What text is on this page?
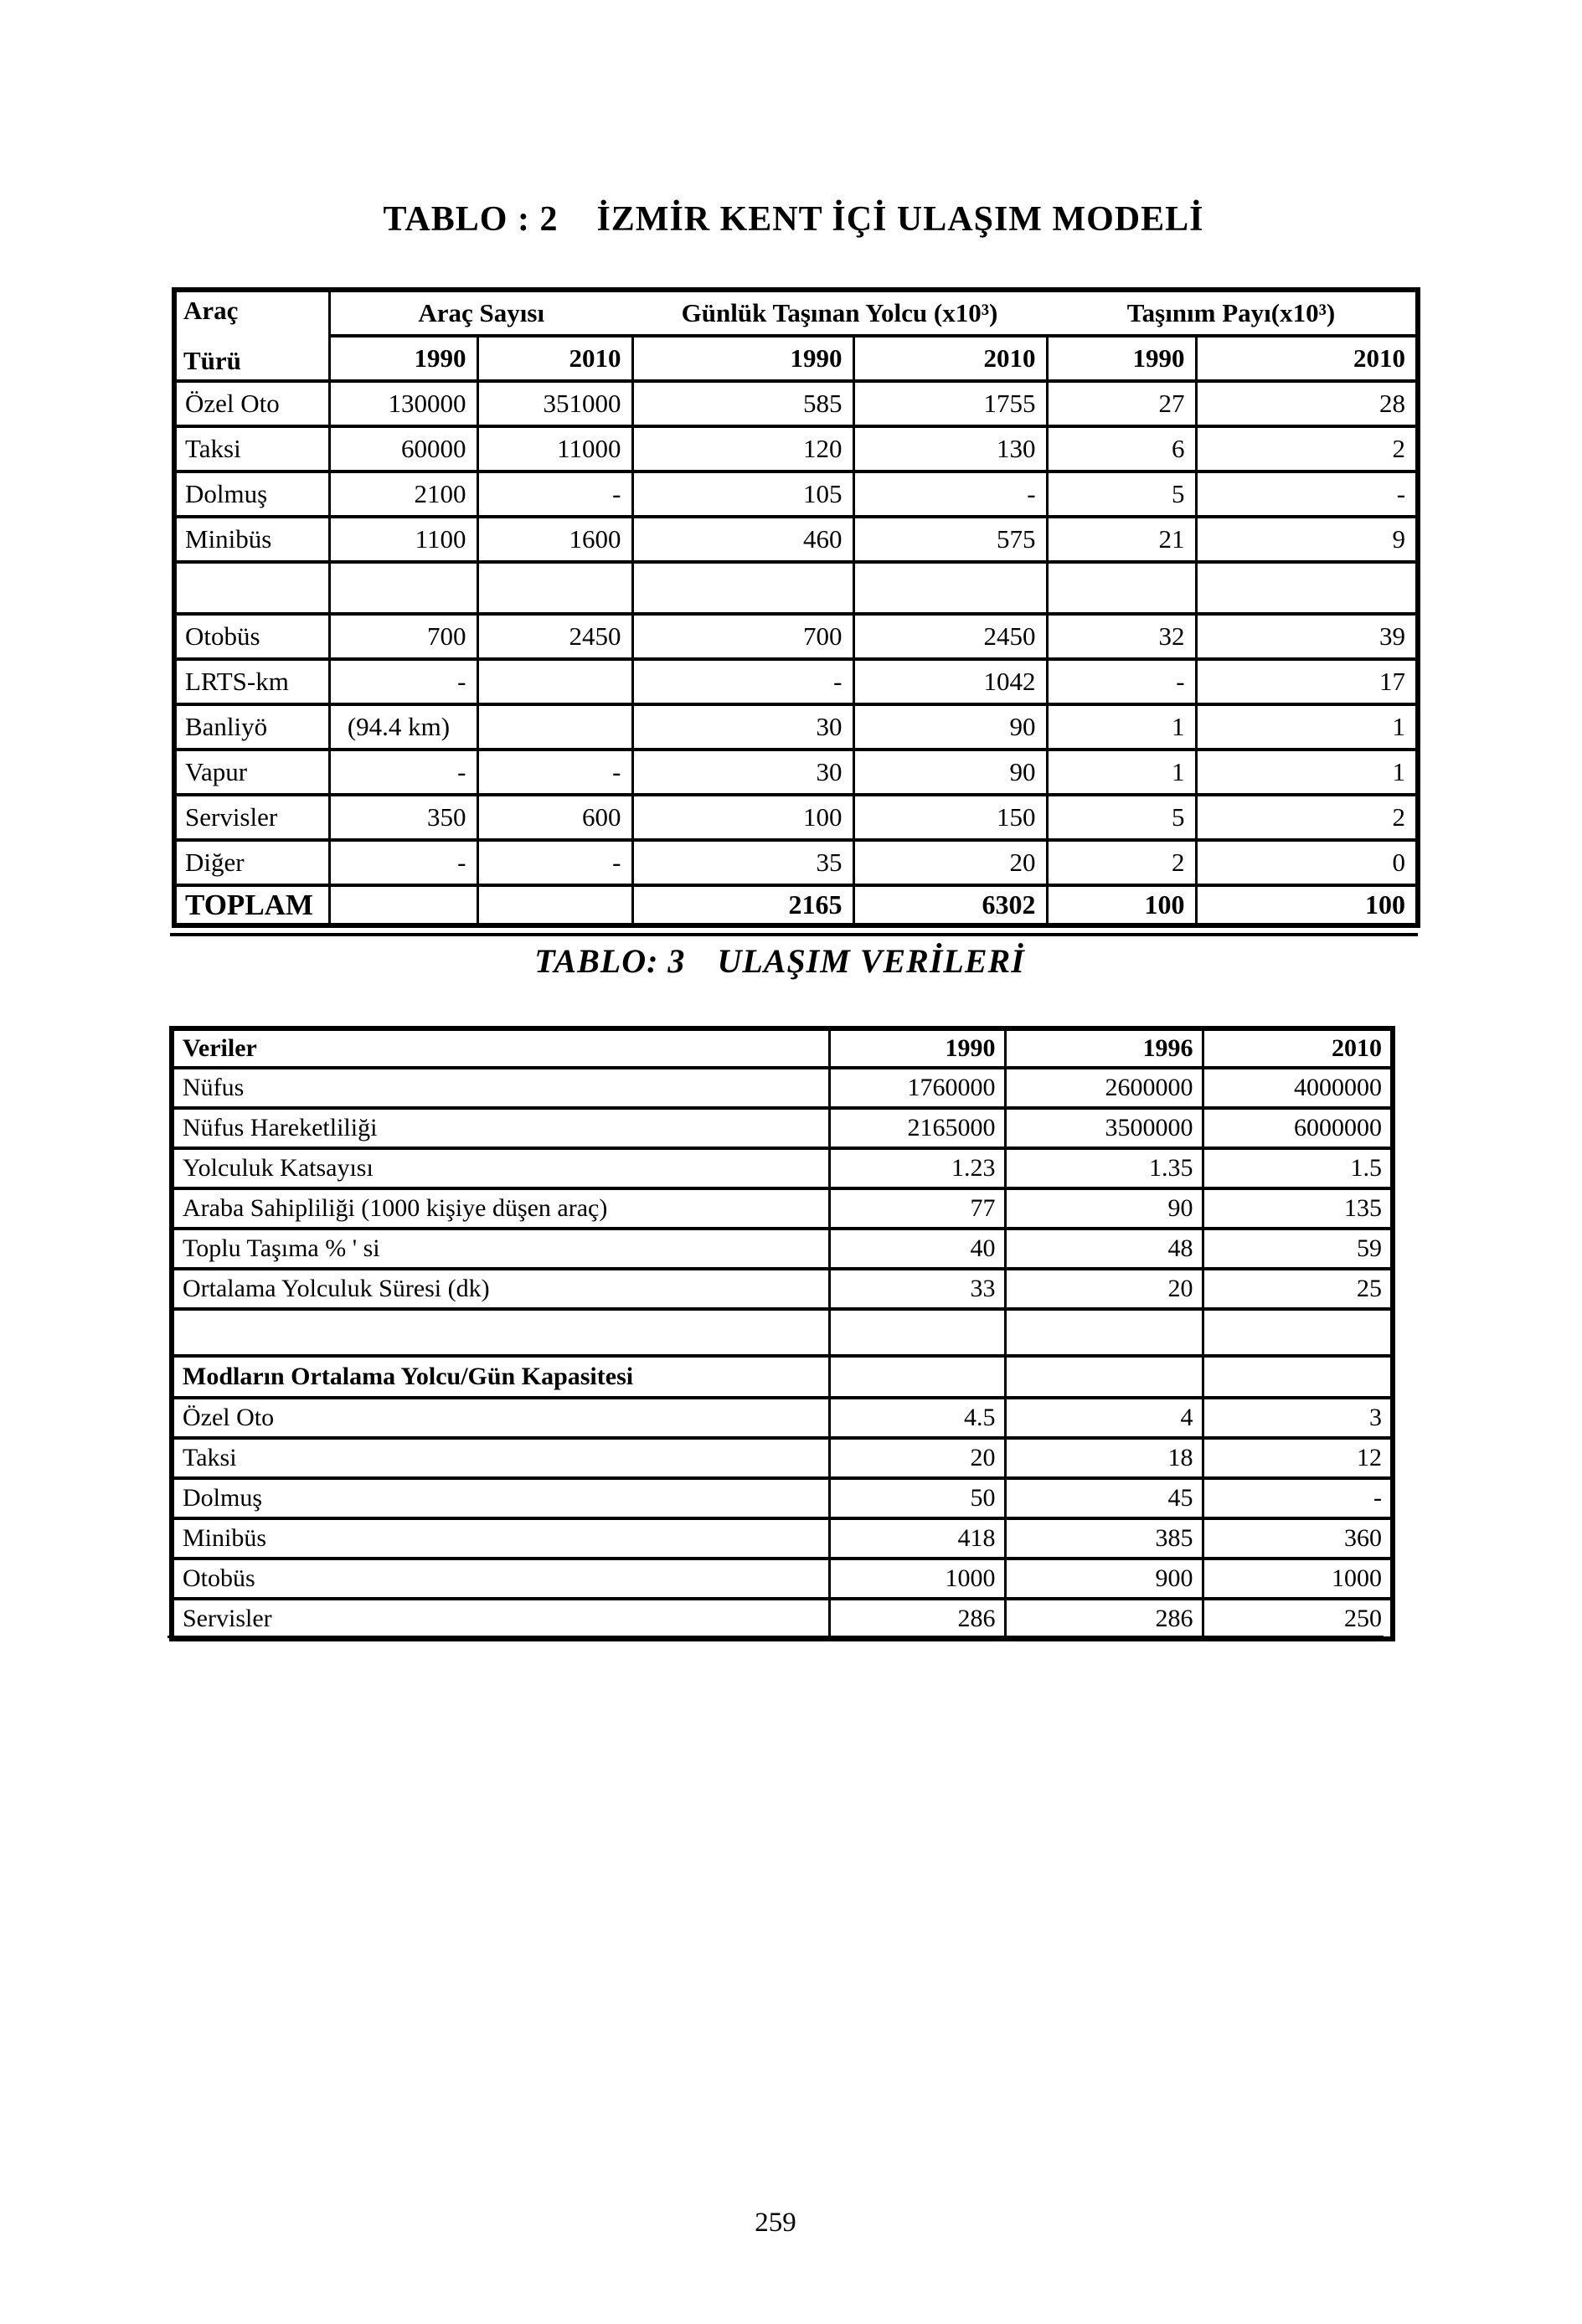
TABLO : 2 İZMİR KENT İÇİ ULAŞIM MODELİ
Araç
Türü	Araç Sayısı		Günlük Taşınan Yolcu (x10³)		Taşınım Payı(x10³)	
	1990	2010	1990	2010	1990	2010
Özel Oto	130000	351000	585	1755	27	28
Taksi	60000	11000	120	130	6	2
Dolmuş	2100	-	105	-	5	-
Minibüs	1100	1600	460	575	21	9

Otobüs	700	2450	700	2450	32	39
LRTS-km	-		-	1042	-	17
Banliyö	(94.4 km)		30	90	1	1
Vapur	-	-	30	90	1	1
Servisler	350	600	100	150	5	2
Diğer	-	-	35	20	2	0
TOPLAM			2165	6302	100	100
TABLO: 3 ULAŞIM VERİLERİ
Veriler	1990	1996	2010
Nüfus	1760000	2600000	4000000
Nüfus Hareketliliği	2165000	3500000	6000000
Yolculuk Katsayısı	1.23	1.35	1.5
Araba Sahipliliği (1000 kişiye düşen araç)	77	90	135
Toplu Taşıma % ' si	40	48	59
Ortalama Yolculuk Süresi (dk)	33	20	25

Modların Ortalama Yolcu/Gün Kapasitesi			
Özel Oto	4.5	4	3
Taksi	20	18	12
Dolmuş	50	45	-
Minibüs	418	385	360
Otobüs	1000	900	1000
Servisler	286	286	250
259
